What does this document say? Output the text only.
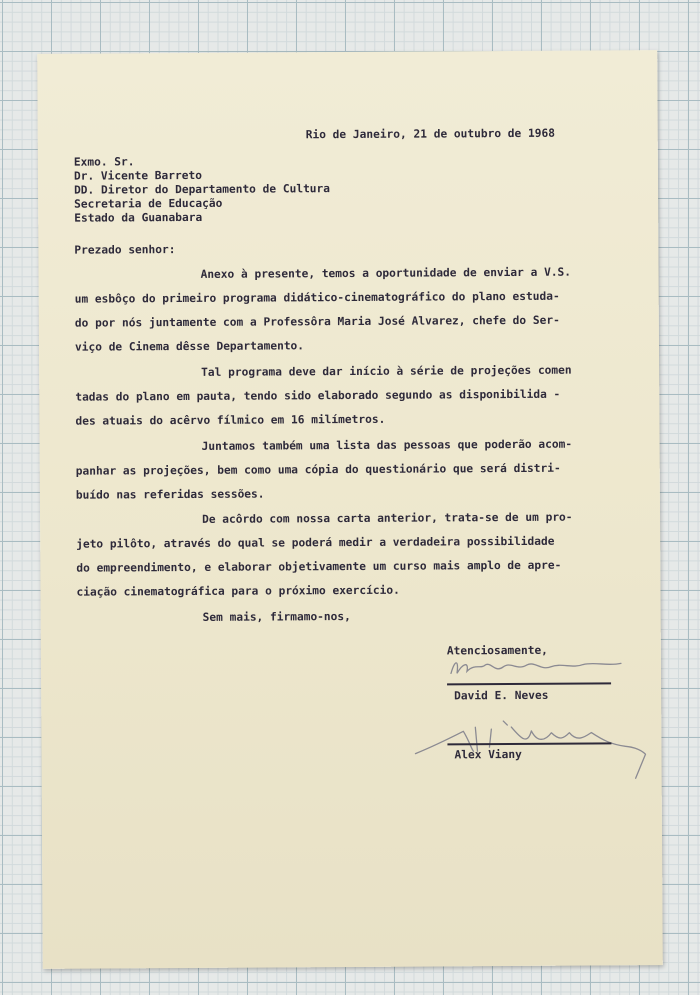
Rio de Janeiro, 21 de outubro de 1968
Exmo. Sr.
Dr. Vicente Barreto
DD. Diretor do Departamento de Cultura
Secretaria de Educação
Estado da Guanabara
Prezado senhor:
Anexo à presente, temos a oportunidade de enviar a V.S.
um esbôço do primeiro programa didático-cinematográfico do plano estuda-
do por nós juntamente com a Professôra Maria José Alvarez, chefe do Ser-
viço de Cinema dêsse Departamento.
Tal programa deve dar início à série de projeções comen
tadas do plano em pauta, tendo sido elaborado segundo as disponibilida -
des atuais do acêrvo fílmico em 16 milímetros.
Juntamos também uma lista das pessoas que poderão acom-
panhar as projeções, bem como uma cópia do questionário que será distri-
buído nas referidas sessões.
De acôrdo com nossa carta anterior, trata-se de um pro-
jeto pilôto, através do qual se poderá medir a verdadeira possibilidade
do empreendimento, e elaborar objetivamente um curso mais amplo de apre-
ciação cinematográfica para o próximo exercício.
Sem mais, firmamo-nos,
Atenciosamente,
David E. Neves
Alex Viany
